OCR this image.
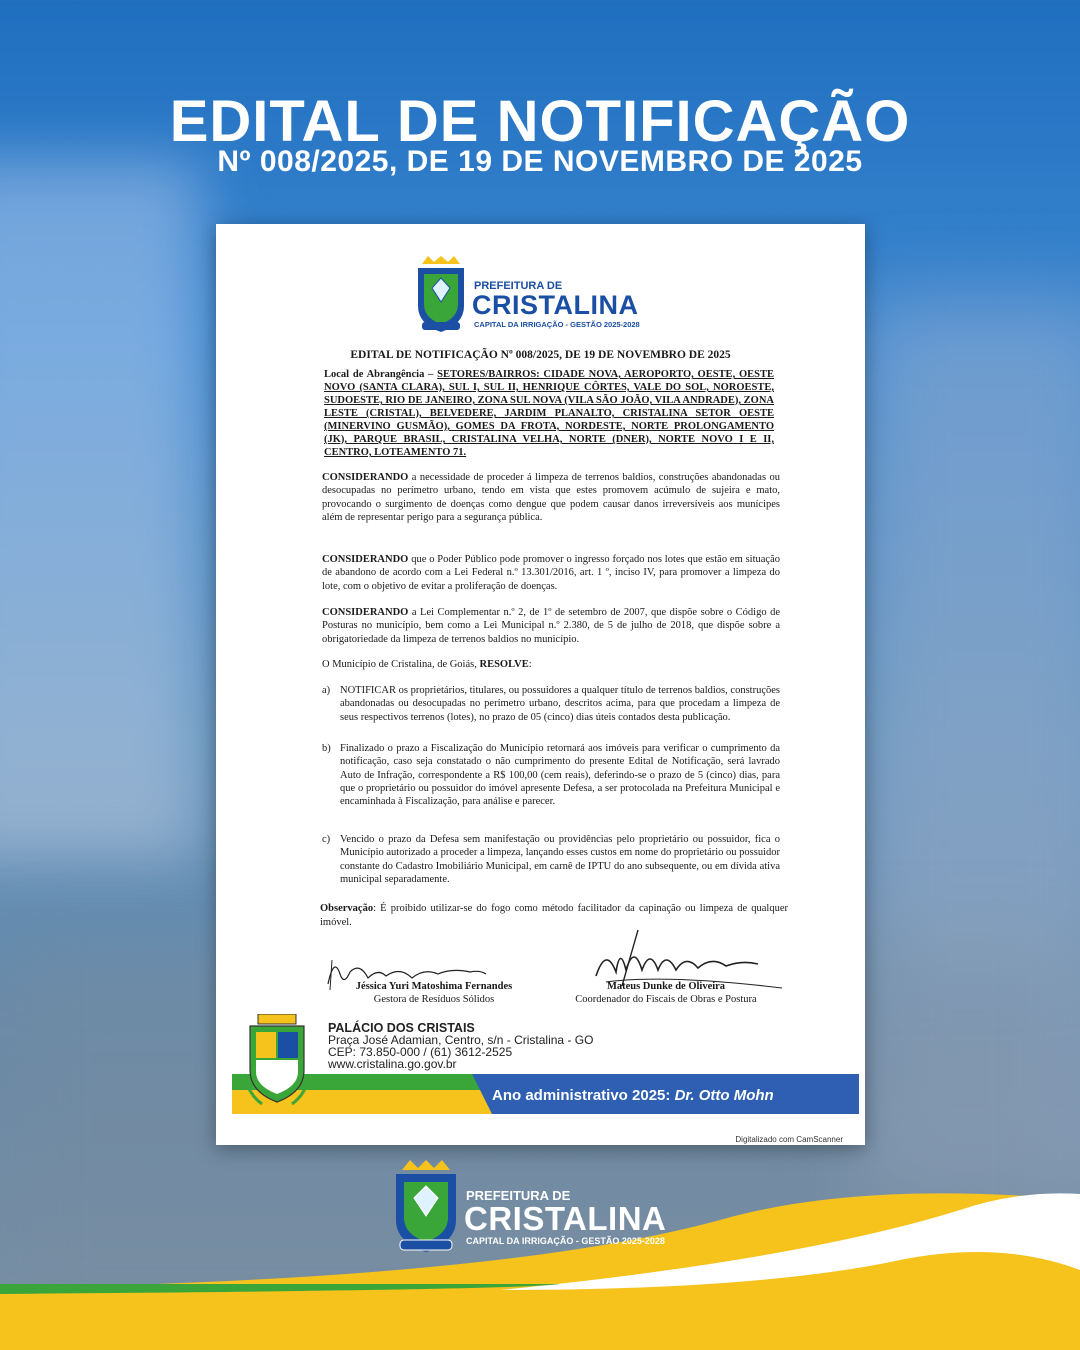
EDITAL DE NOTIFICAÇÃO
Nº 008/2025, DE 19 DE NOVEMBRO DE 2025
PREFEITURA DE
CRISTALINA
CAPITAL DA IRRIGAÇÃO - GESTÃO 2025-2028
EDITAL DE NOTIFICAÇÃO Nº 008/2025, DE 19 DE NOVEMBRO DE 2025
Local de Abrangência – SETORES/BAIRROS: CIDADE NOVA, AEROPORTO, OESTE, OESTE NOVO (SANTA CLARA), SUL I, SUL II, HENRIQUE CÔRTES, VALE DO SOL, NOROESTE, SUDOESTE, RIO DE JANEIRO, ZONA SUL NOVA (VILA SÃO JOÃO, VILA ANDRADE), ZONA LESTE (CRISTAL), BELVEDERE, JARDIM PLANALTO, CRISTALINA SETOR OESTE (MINERVINO GUSMÃO), GOMES DA FROTA, NORDESTE, NORTE PROLONGAMENTO (JK), PARQUE BRASIL, CRISTALINA VELHA, NORTE (DNER), NORTE NOVO I E II, CENTRO, LOTEAMENTO 71.
CONSIDERANDO a necessidade de proceder á limpeza de terrenos baldios, construções abandonadas ou desocupadas no perímetro urbano, tendo em vista que estes promovem acúmulo de sujeira e mato, provocando o surgimento de doenças como dengue que podem causar danos irreversíveis aos munícipes além de representar perigo para a segurança pública.
CONSIDERANDO que o Poder Público pode promover o ingresso forçado nos lotes que estão em situação de abandono de acordo com a Lei Federal n.º 13.301/2016, art. 1 º, inciso IV, para promover a limpeza do lote, com o objetivo de evitar a proliferação de doenças.
CONSIDERANDO a Lei Complementar n.º 2, de 1º de setembro de 2007, que dispõe sobre o Código de Posturas no município, bem como a Lei Municipal n.º 2.380, de 5 de julho de 2018, que dispõe sobre a obrigatoriedade da limpeza de terrenos baldios no município.
O Município de Cristalina, de Goiás, RESOLVE:
a) NOTIFICAR os proprietários, titulares, ou possuidores a qualquer título de terrenos baldios, construções abandonadas ou desocupadas no perímetro urbano, descritos acima, para que procedam a limpeza de seus respectivos terrenos (lotes), no prazo de 05 (cinco) dias úteis contados desta publicação.
b) Finalizado o prazo a Fiscalização do Município retornará aos imóveis para verificar o cumprimento da notificação, caso seja constatado o não cumprimento do presente Edital de Notificação, será lavrado Auto de Infração, correspondente a R$ 100,00 (cem reais), deferindo-se o prazo de 5 (cinco) dias, para que o proprietário ou possuidor do imóvel apresente Defesa, a ser protocolada na Prefeitura Municipal e encaminhada à Fiscalização, para análise e parecer.
c) Vencido o prazo da Defesa sem manifestação ou providências pelo proprietário ou possuidor, fica o Município autorizado a proceder a limpeza, lançando esses custos em nome do proprietário ou possuidor constante do Cadastro Imobiliário Municipal, em carnê de IPTU do ano subsequente, ou em dívida ativa municipal separadamente.
Observação: É proibido utilizar-se do fogo como método facilitador da capinação ou limpeza de qualquer imóvel.
Jéssica Yuri Matoshima Fernandes
Gestora de Resíduos Sólidos
Mateus Dunke de Oliveira
Coordenador do Fiscais de Obras e Postura
Ano administrativo 2025: Dr. Otto Mohn
PALÁCIO DOS CRISTAIS
Praça José Adamian, Centro, s/n - Cristalina - GO
CEP: 73.850-000 / (61) 3612-2525
www.cristalina.go.gov.br
Digitalizado com CamScanner
PREFEITURA DE
CRISTALINA
CAPITAL DA IRRIGAÇÃO - GESTÃO 2025-2028
